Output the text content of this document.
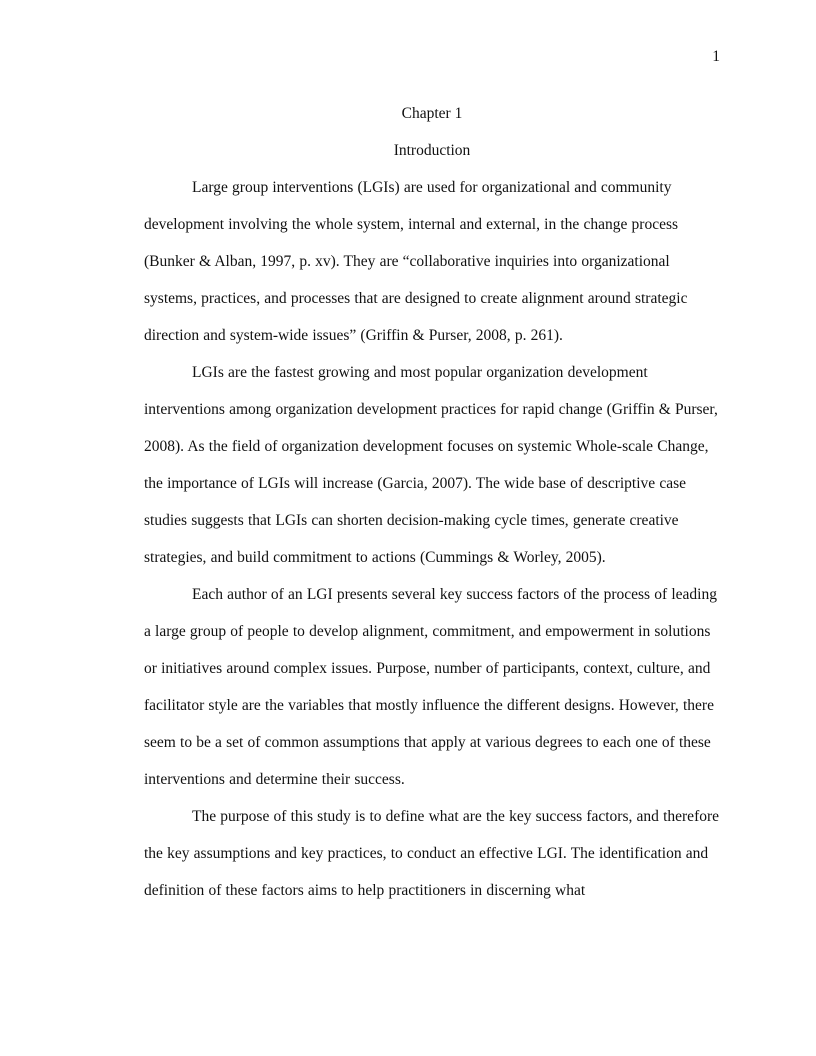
1

Chapter 1

Introduction

Large group interventions (LGIs) are used for organizational and community development involving the whole system, internal and external, in the change process (Bunker & Alban, 1997, p. xv). They are “collaborative inquiries into organizational systems, practices, and processes that are designed to create alignment around strategic direction and system-wide issues” (Griffin & Purser, 2008, p. 261).

LGIs are the fastest growing and most popular organization development interventions among organization development practices for rapid change (Griffin & Purser, 2008). As the field of organization development focuses on systemic Whole-scale Change, the importance of LGIs will increase (Garcia, 2007). The wide base of descriptive case studies suggests that LGIs can shorten decision-making cycle times, generate creative strategies, and build commitment to actions (Cummings & Worley, 2005).

Each author of an LGI presents several key success factors of the process of leading a large group of people to develop alignment, commitment, and empowerment in solutions or initiatives around complex issues. Purpose, number of participants, context, culture, and facilitator style are the variables that mostly influence the different designs. However, there seem to be a set of common assumptions that apply at various degrees to each one of these interventions and determine their success.

The purpose of this study is to define what are the key success factors, and therefore the key assumptions and key practices, to conduct an effective LGI. The identification and definition of these factors aims to help practitioners in discerning what
